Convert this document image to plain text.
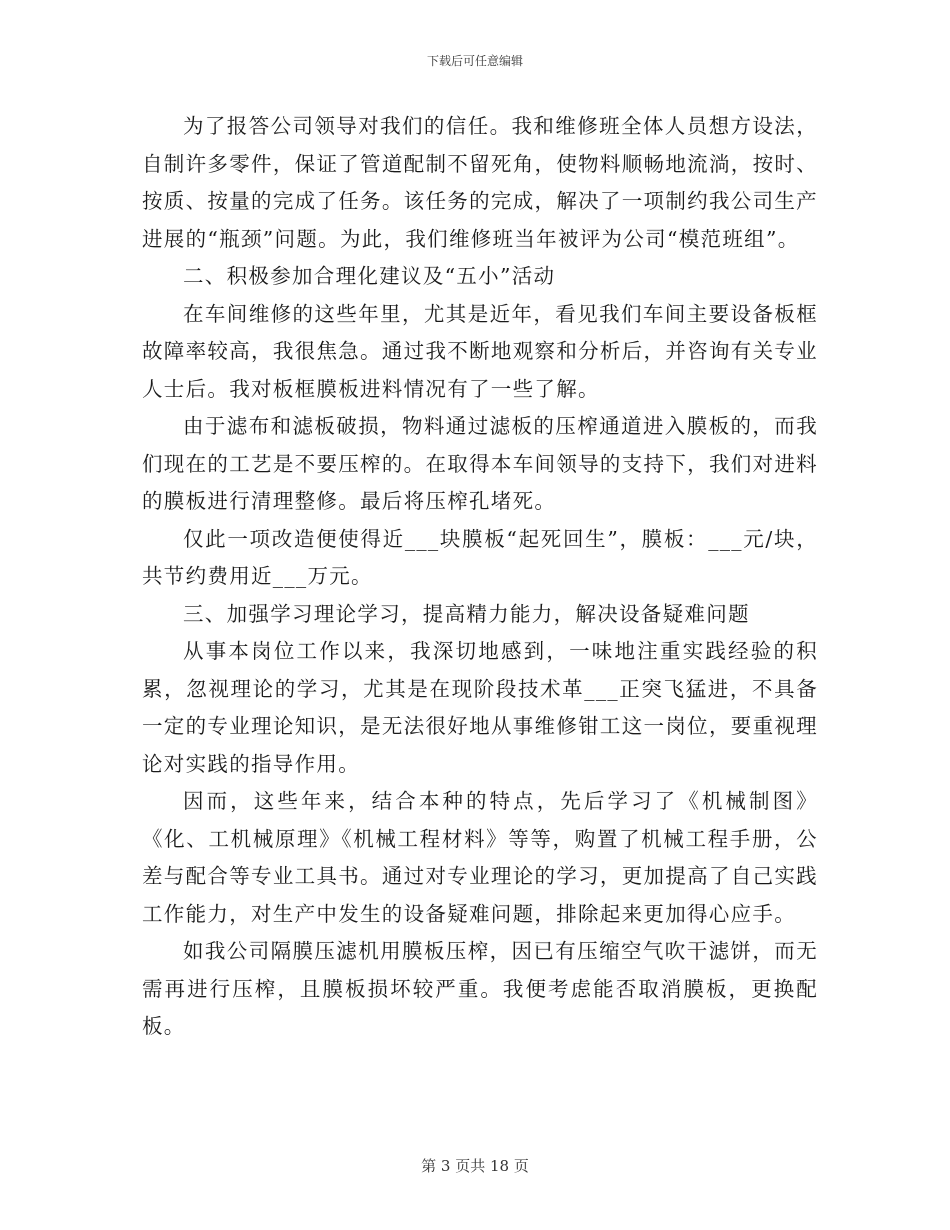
下载后可任意编辑

为了报答公司领导对我们的信任。我和维修班全体人员想方设法，自制许多零件，保证了管道配制不留死角，使物料顺畅地流淌，按时、按质、按量的完成了任务。该任务的完成，解决了一项制约我公司生产进展的“瓶颈”问题。为此，我们维修班当年被评为公司“模范班组”。

二、积极参加合理化建议及“五小”活动

在车间维修的这些年里，尤其是近年，看见我们车间主要设备板框故障率较高，我很焦急。通过我不断地观察和分析后，并咨询有关专业人士后。我对板框膜板进料情况有了一些了解。

由于滤布和滤板破损，物料通过滤板的压榨通道进入膜板的，而我们现在的工艺是不要压榨的。在取得本车间领导的支持下，我们对进料的膜板进行清理整修。最后将压榨孔堵死。

仅此一项改造便使得近___块膜板“起死回生”，膜板：___元/块，共节约费用近___万元。

三、加强学习理论学习，提高精力能力，解决设备疑难问题

从事本岗位工作以来，我深切地感到，一味地注重实践经验的积累，忽视理论的学习，尤其是在现阶段技术革___正突飞猛进，不具备一定的专业理论知识，是无法很好地从事维修钳工这一岗位，要重视理论对实践的指导作用。

因而，这些年来，结合本种的特点，先后学习了《机械制图》《化、工机械原理》《机械工程材料》等等，购置了机械工程手册，公差与配合等专业工具书。通过对专业理论的学习，更加提高了自己实践工作能力，对生产中发生的设备疑难问题，排除起来更加得心应手。

如我公司隔膜压滤机用膜板压榨，因已有压缩空气吹干滤饼，而无需再进行压榨，且膜板损坏较严重。我便考虑能否取消膜板，更换配板。

第 3 页共 18 页
